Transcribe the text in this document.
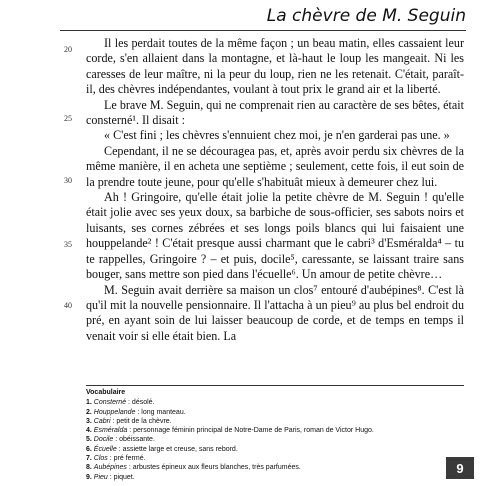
La chèvre de M. Seguin
20
25
30
35
40

Il les perdait toutes de la même façon ; un beau matin, elles cassaient leur corde, s'en allaient dans la montagne, et là-haut le loup les mangeait. Ni les caresses de leur maître, ni la peur du loup, rien ne les retenait. C'était, paraît-il, des chèvres indépendantes, voulant à tout prix le grand air et la liberté.

Le brave M. Seguin, qui ne comprenait rien au caractère de ses bêtes, était consterné¹. Il disait :

« C'est fini ; les chèvres s'ennuient chez moi, je n'en garderai pas une. »

Cependant, il ne se découragea pas, et, après avoir perdu six chèvres de la même manière, il en acheta une septième ; seulement, cette fois, il eut soin de la prendre toute jeune, pour qu'elle s'habituât mieux à demeurer chez lui.

Ah ! Gringoire, qu'elle était jolie la petite chèvre de M. Seguin ! qu'elle était jolie avec ses yeux doux, sa barbiche de sous-officier, ses sabots noirs et luisants, ses cornes zébrées et ses longs poils blancs qui lui faisaient une houppelande² ! C'était presque aussi charmant que le cabri³ d'Esméralda⁴ – tu te rappelles, Gringoire ? – et puis, docile⁵, caressante, se laissant traire sans bouger, sans mettre son pied dans l'écuelle⁶. Un amour de petite chèvre…

M. Seguin avait derrière sa maison un clos⁷ entouré d'aubépines⁸. C'est là qu'il mit la nouvelle pensionnaire. Il l'attacha à un pieu⁹ au plus bel endroit du pré, en ayant soin de lui laisser beaucoup de corde, et de temps en temps il venait voir si elle était bien. La

Vocabulaire
1. Consterné : désolé.
2. Houppelande : long manteau.
3. Cabri : petit de la chèvre.
4. Esméralda : personnage féminin principal de Notre-Dame de Paris, roman de Victor Hugo.
5. Docile : obéissante.
6. Écuelle : assiette large et creuse, sans rebord.
7. Clos : pré fermé.
8. Aubépines : arbustes épineux aux fleurs blanches, très parfumées.
9. Pieu : piquet.
9
